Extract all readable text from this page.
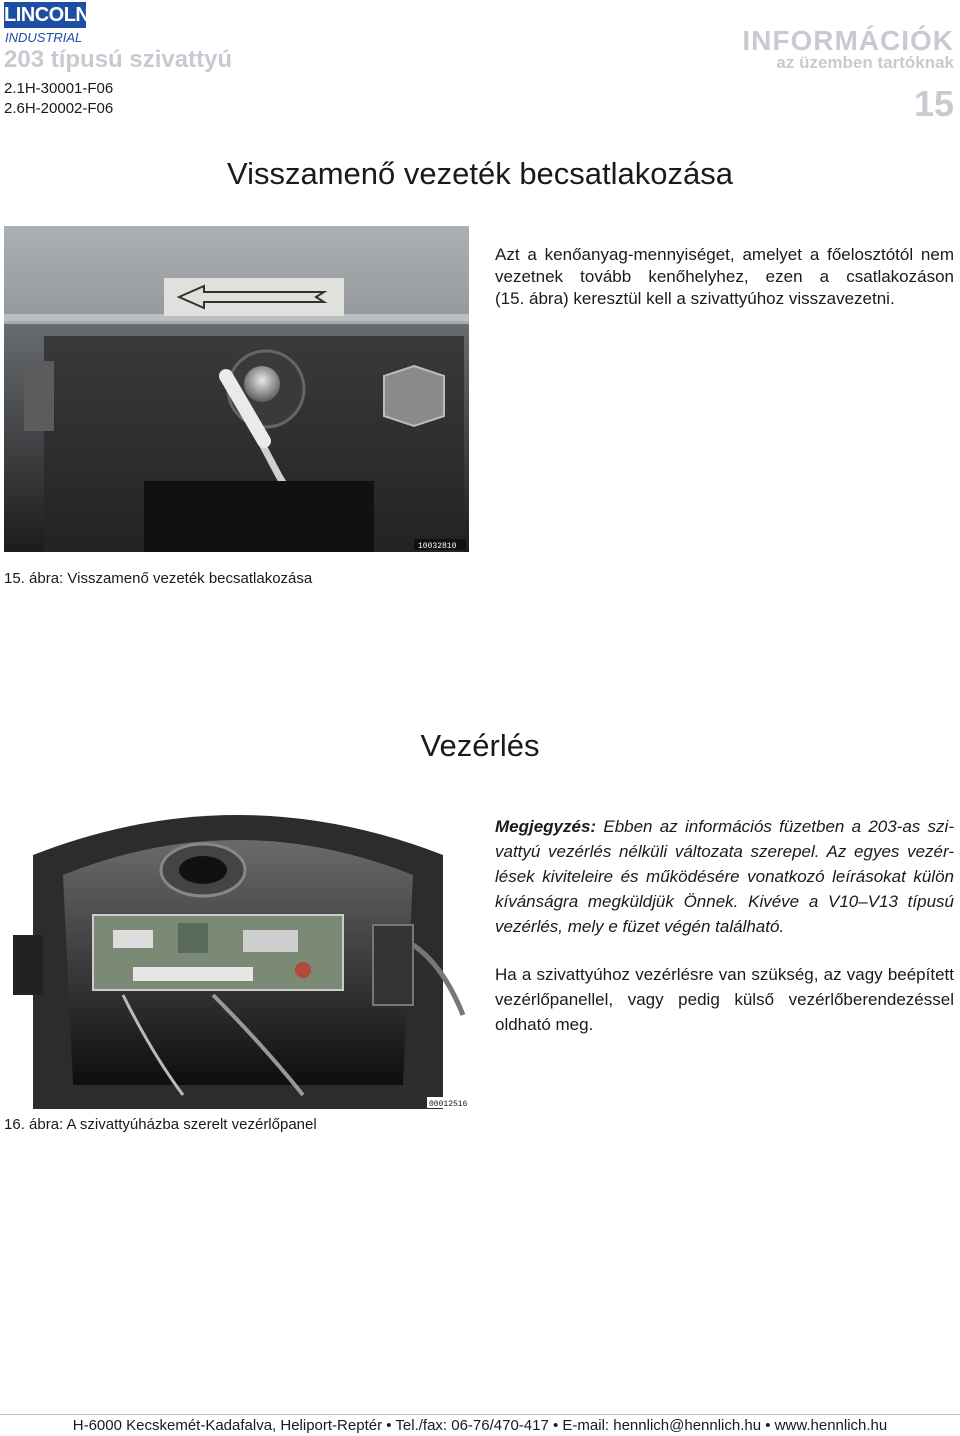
LINCOLN
INDUSTRIAL
203 típusú szivattyú
2.1H-30001-F06
2.6H-20002-F06
INFORMÁCIÓK
az üzemben tartóknak
15
Visszamenő vezeték becsatlakozása
Azt a kenőanyag-mennyiséget, amelyet a főelosztótól nem
vezetnek tovább kenőhelyhez, ezen a csatlakozáson
(15. ábra) keresztül kell a szivattyúhoz visszavezetni.
10032810
15. ábra: Visszamenő vezeték becsatlakozása
Vezérlés
Megjegyzés: Ebben az információs füzetben a 203-as szi-
vattyú vezérlés nélküli változata szerepel. Az egyes vezér-
lések kiviteleire és működésére vonatkozó leírásokat külön
kívánságra megküldjük Önnek. Kivéve a V10–V13 típusú
vezérlés, mely e füzet végén található.
Ha a szivattyúhoz vezérlésre van szükség, az vagy beépített
vezérlőpanellel, vagy pedig külső vezérlőberendezéssel
oldható meg.
00012516
16. ábra: A szivattyúházba szerelt vezérlőpanel
H-6000 Kecskemét-Kadafalva, Heliport-Reptér • Tel./fax: 06-76/470-417 • E-mail: hennlich@hennlich.hu • www.hennlich.hu
